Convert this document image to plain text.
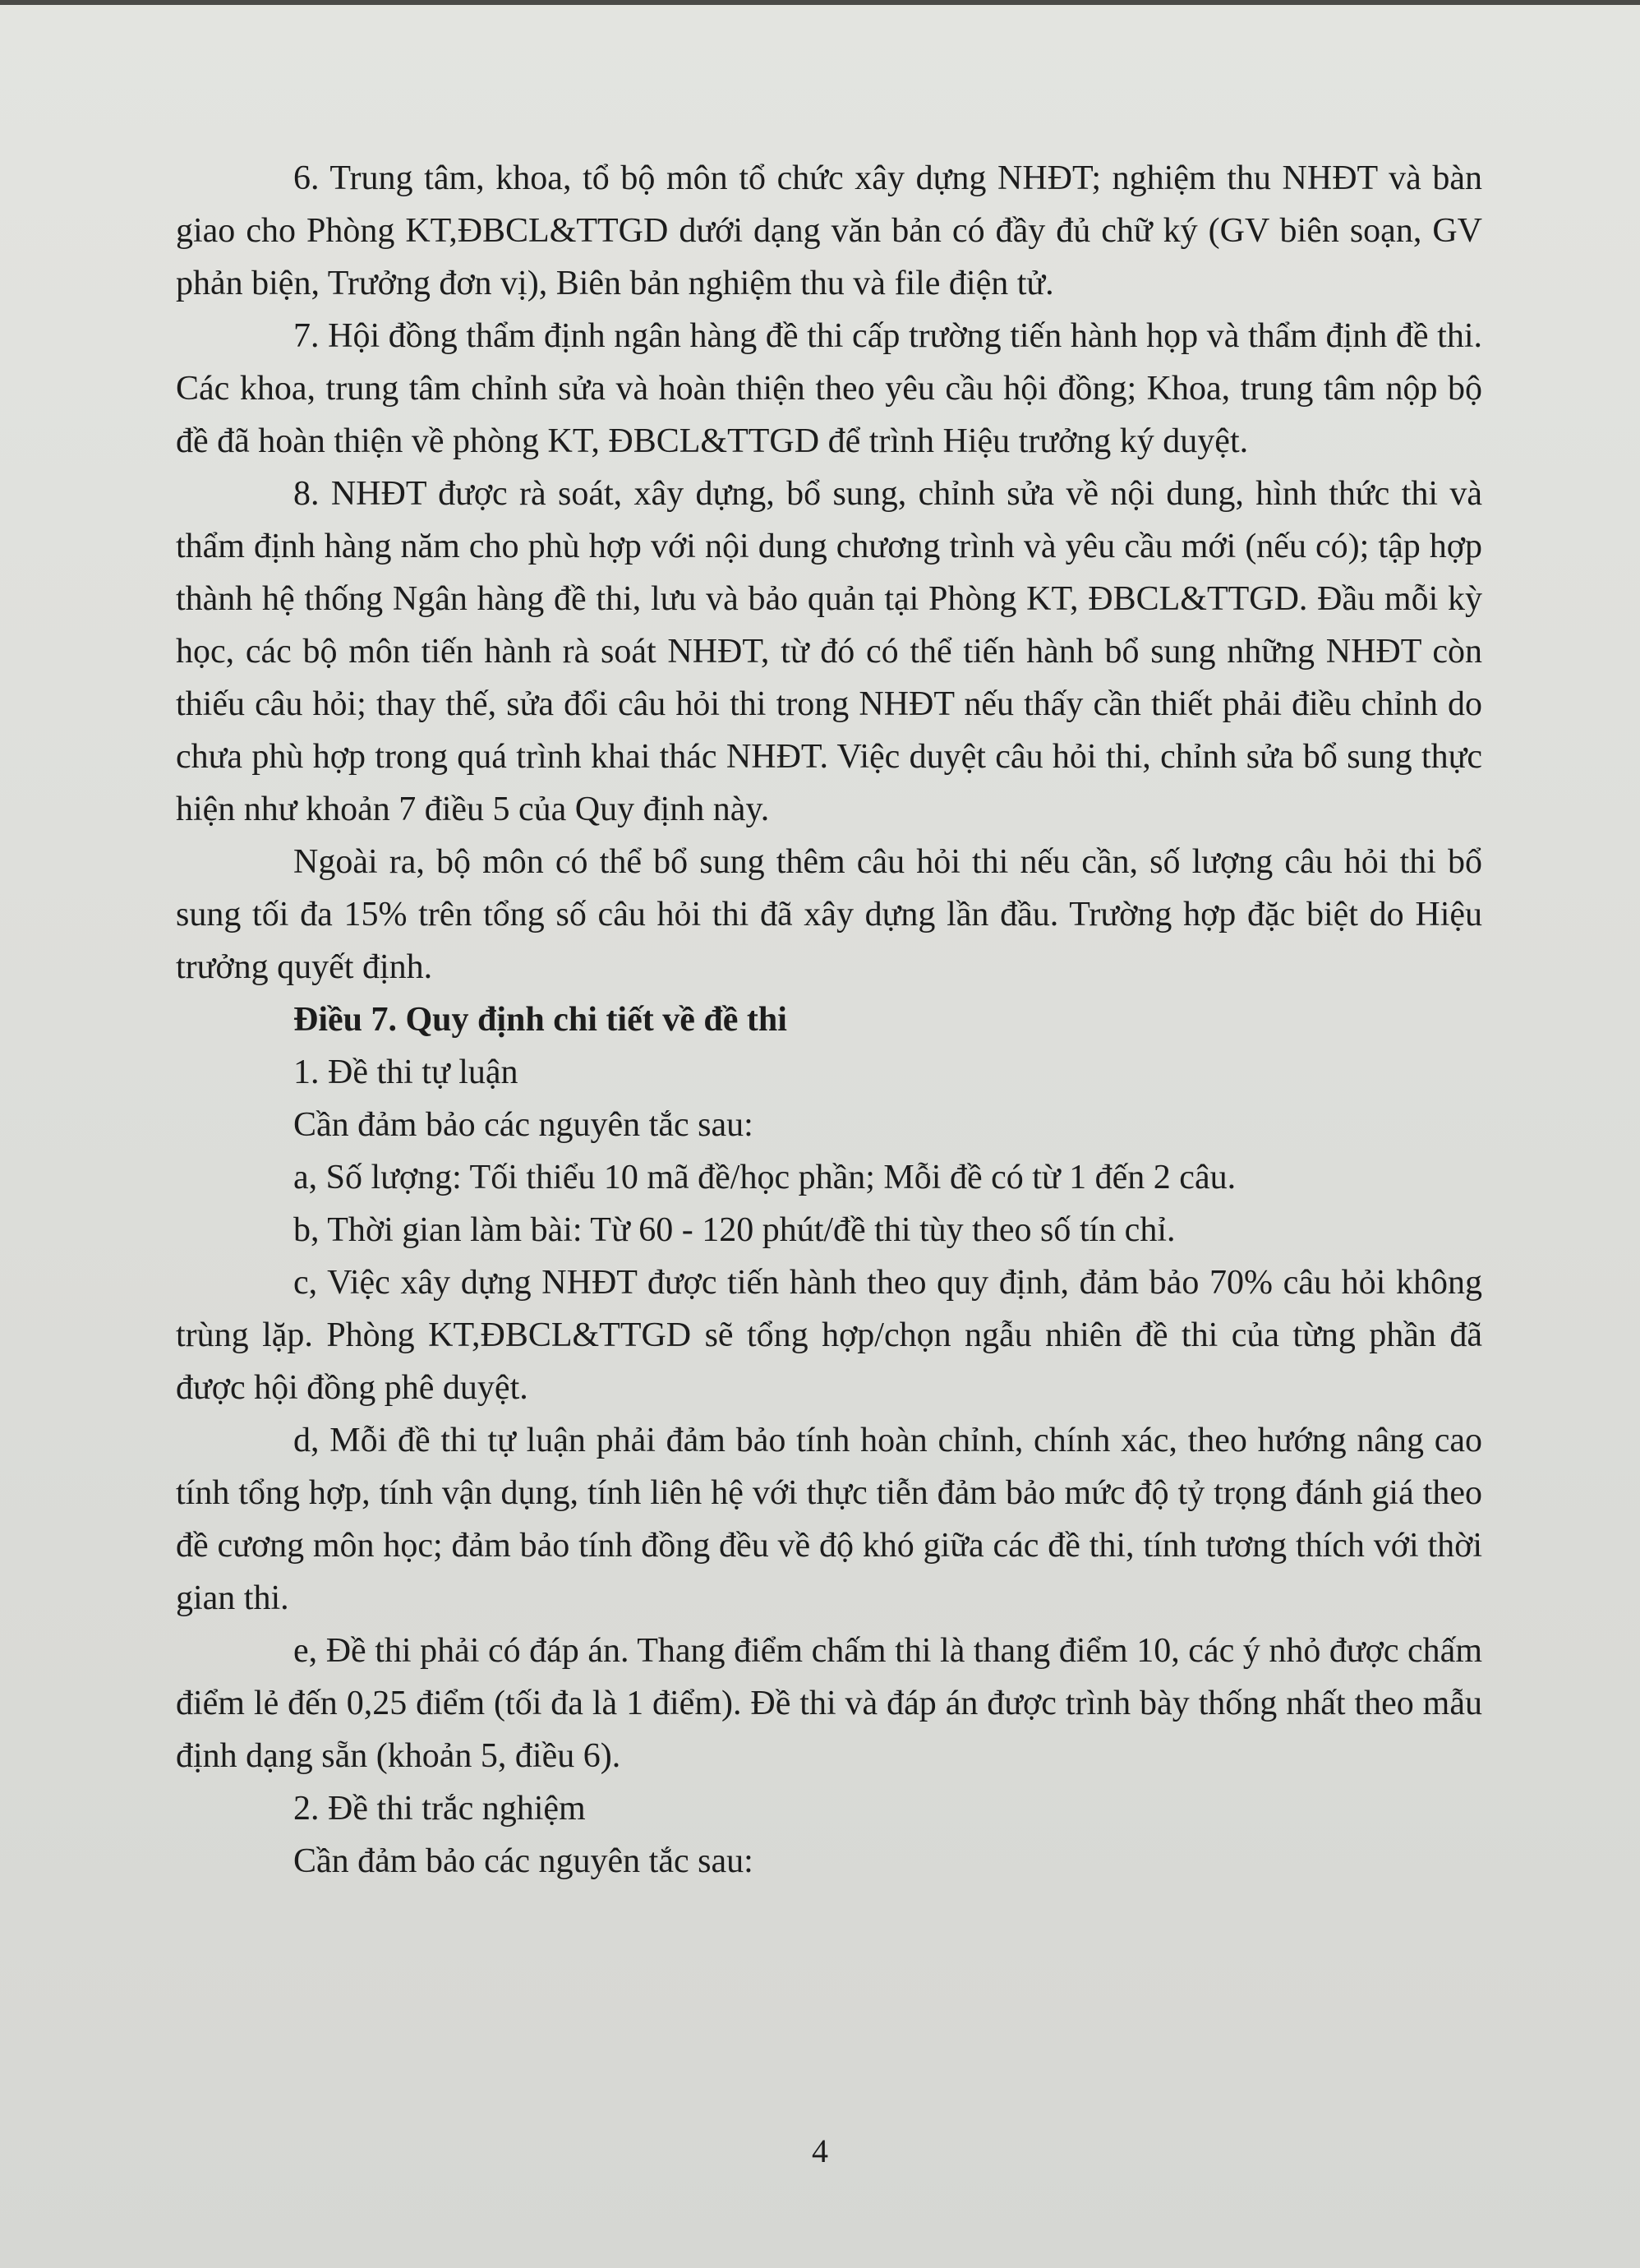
6. Trung tâm, khoa, tổ bộ môn tổ chức xây dựng NHĐT; nghiệm thu NHĐT và bàn giao cho Phòng KT,ĐBCL&TTGD dưới dạng văn bản có đầy đủ chữ ký (GV biên soạn, GV phản biện, Trưởng đơn vị), Biên bản nghiệm thu và file điện tử.

7. Hội đồng thẩm định ngân hàng đề thi cấp trường tiến hành họp và thẩm định đề thi. Các khoa, trung tâm chỉnh sửa và hoàn thiện theo yêu cầu hội đồng; Khoa, trung tâm nộp bộ đề đã hoàn thiện về phòng KT, ĐBCL&TTGD để trình Hiệu trưởng ký duyệt.

8. NHĐT được rà soát, xây dựng, bổ sung, chỉnh sửa về nội dung, hình thức thi và thẩm định hàng năm cho phù hợp với nội dung chương trình và yêu cầu mới (nếu có); tập hợp thành hệ thống Ngân hàng đề thi, lưu và bảo quản tại Phòng KT, ĐBCL&TTGD. Đầu mỗi kỳ học, các bộ môn tiến hành rà soát NHĐT, từ đó có thể tiến hành bổ sung những NHĐT còn thiếu câu hỏi; thay thế, sửa đổi câu hỏi thi trong NHĐT nếu thấy cần thiết phải điều chỉnh do chưa phù hợp trong quá trình khai thác NHĐT. Việc duyệt câu hỏi thi, chỉnh sửa bổ sung thực hiện như khoản 7 điều 5 của Quy định này.

Ngoài ra, bộ môn có thể bổ sung thêm câu hỏi thi nếu cần, số lượng câu hỏi thi bổ sung tối đa 15% trên tổng số câu hỏi thi đã xây dựng lần đầu. Trường hợp đặc biệt do Hiệu trưởng quyết định.

Điều 7. Quy định chi tiết về đề thi

1. Đề thi tự luận

Cần đảm bảo các nguyên tắc sau:

a, Số lượng: Tối thiểu 10 mã đề/học phần; Mỗi đề có từ 1 đến 2 câu.

b, Thời gian làm bài: Từ 60 - 120 phút/đề thi tùy theo số tín chỉ.

c, Việc xây dựng NHĐT được tiến hành theo quy định, đảm bảo 70% câu hỏi không trùng lặp. Phòng KT,ĐBCL&TTGD sẽ tổng hợp/chọn ngẫu nhiên đề thi của từng phần đã được hội đồng phê duyệt.

d, Mỗi đề thi tự luận phải đảm bảo tính hoàn chỉnh, chính xác, theo hướng nâng cao tính tổng hợp, tính vận dụng, tính liên hệ với thực tiễn đảm bảo mức độ tỷ trọng đánh giá theo đề cương môn học; đảm bảo tính đồng đều về độ khó giữa các đề thi, tính tương thích với thời gian thi.

e, Đề thi phải có đáp án. Thang điểm chấm thi là thang điểm 10, các ý nhỏ được chấm điểm lẻ đến 0,25 điểm (tối đa là 1 điểm). Đề thi và đáp án được trình bày thống nhất theo mẫu định dạng sẵn (khoản 5, điều 6).

2. Đề thi trắc nghiệm

Cần đảm bảo các nguyên tắc sau:

4
